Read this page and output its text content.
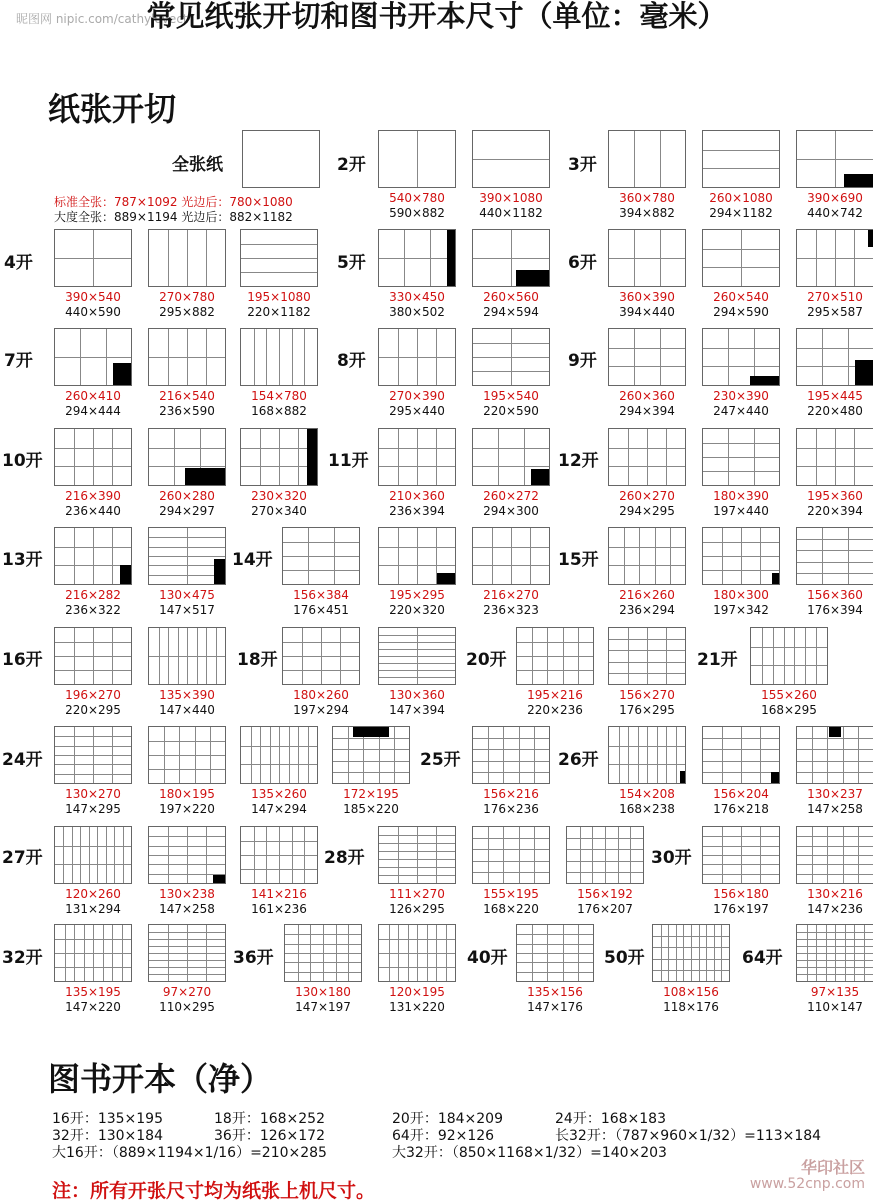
昵图网 nipic.com/cathylovect
常见纸张开切和图书开本尺寸（单位：毫米）
纸张开切
全张纸
标准全张：787×1092 光边后：780×1080
大度全张：889×1194 光边后：882×1182
2开	3开
4开	5开	6开
7开	8开	9开
10开	11开	12开
13开	14开	15开
16开	18开	20开	21开
24开	25开	26开
27开	28开	30开
32开	36开	40开	50开	64开
540×780
590×882
390×1080
440×1182
360×780
394×882
260×1080
294×1182
390×690
440×742
390×540
440×590
270×780
295×882
195×1080
220×1182
330×450
380×502
260×560
294×594
360×390
394×440
260×540
294×590
270×510
295×587
260×410
294×444
216×540
236×590
154×780
168×882
270×390
295×440
195×540
220×590
260×360
294×394
230×390
247×440
195×445
220×480
216×390
236×440
260×280
294×297
230×320
270×340
210×360
236×394
260×272
294×300
260×270
294×295
180×390
197×440
195×360
220×394
216×282
236×322
130×475
147×517
156×384
176×451
195×295
220×320
216×270
236×323
216×260
236×294
180×300
197×342
156×360
176×394
196×270
220×295
135×390
147×440
180×260
197×294
130×360
147×394
195×216
220×236
156×270
176×295
155×260
168×295
130×270
147×295
180×195
197×220
135×260
147×294
172×195
185×220
156×216
176×236
154×208
168×238
156×204
176×218
130×237
147×258
120×260
131×294
130×238
147×258
141×216
161×236
111×270
126×295
155×195
168×220
156×192
176×207
156×180
176×197
130×216
147×236
135×195
147×220
97×270
110×295
130×180
147×197
120×195
131×220
135×156
147×176
108×156
118×176
97×135
110×147
图书开本（净）
16开：135×195	18开：168×252	20开：184×209	24开：168×183
32开：130×184	36开：126×172	64开：92×126	长32开：（787×960×1/32）=113×184
大16开：（889×1194×1/16）=210×285	大32开：（850×1168×1/32）=140×203
注：所有开张尺寸均为纸张上机尺寸。
华印社区
www.52cnp.com
